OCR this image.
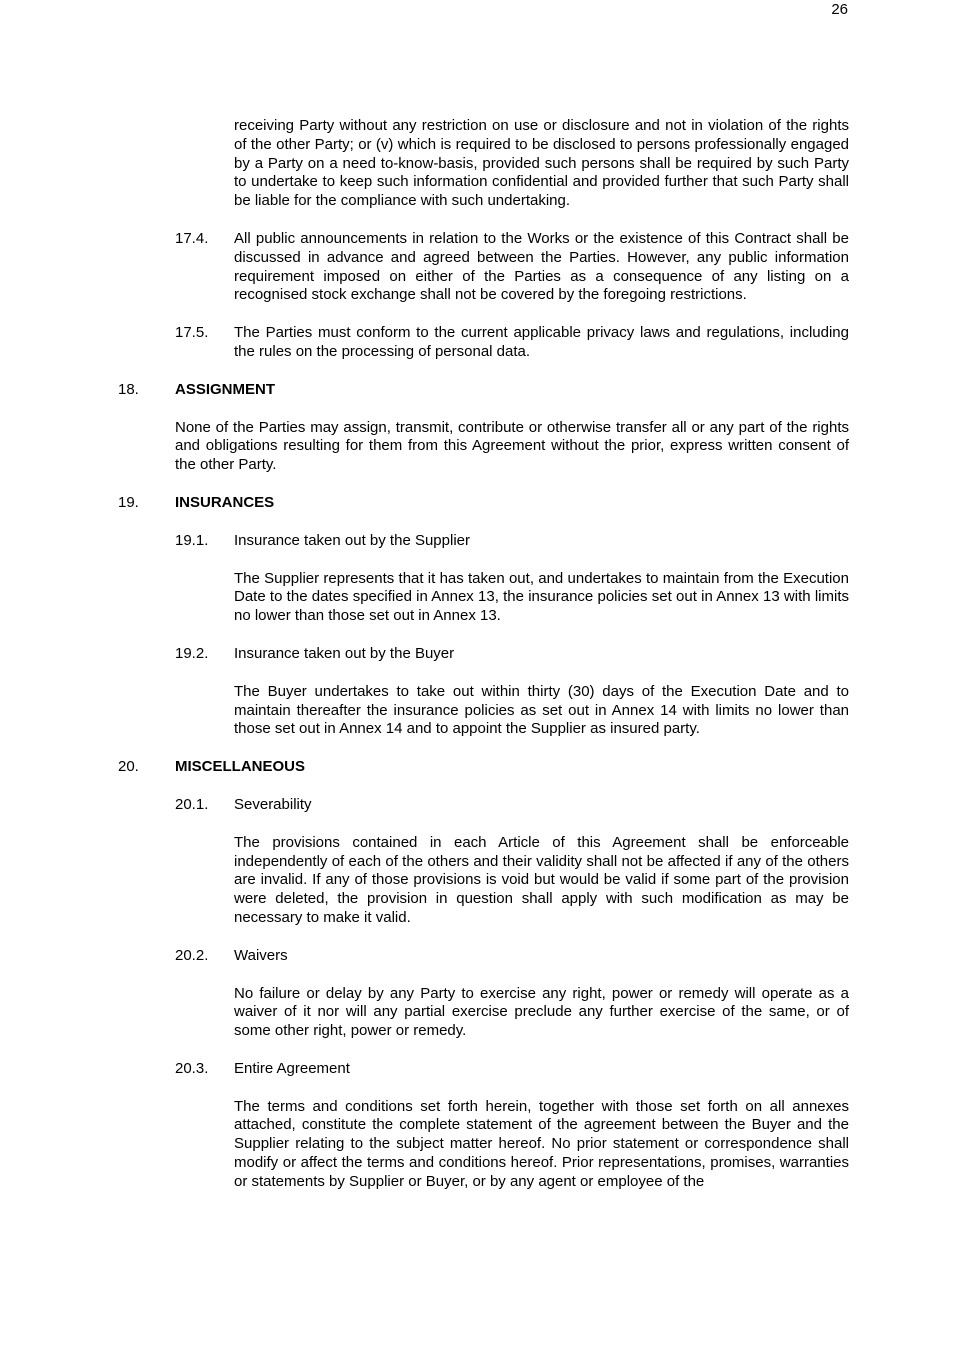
26

receiving Party without any restriction on use or disclosure and not in violation of the rights of the other Party; or (v) which is required to be disclosed to persons professionally engaged by a Party on a need to-know-basis, provided such persons shall be required by such Party to undertake to keep such information confidential and provided further that such Party shall be liable for the compliance with such undertaking.

17.4.	All public announcements in relation to the Works or the existence of this Contract shall be discussed in advance and agreed between the Parties. However, any public information requirement imposed on either of the Parties as a consequence of any listing on a recognised stock exchange shall not be covered by the foregoing restrictions.

17.5.	The Parties must conform to the current applicable privacy laws and regulations, including the rules on the processing of personal data.

18.	ASSIGNMENT

None of the Parties may assign, transmit, contribute or otherwise transfer all or any part of the rights and obligations resulting for them from this Agreement without the prior, express written consent of the other Party.

19.	INSURANCES
19.1.	Insurance taken out by the Supplier

The Supplier represents that it has taken out, and undertakes to maintain from the Execution Date to the dates specified in Annex 13, the insurance policies set out in Annex 13 with limits no lower than those set out in Annex 13.

19.2.	Insurance taken out by the Buyer

The Buyer undertakes to take out within thirty (30) days of the Execution Date and to maintain thereafter the insurance policies as set out in Annex 14 with limits no lower than those set out in Annex 14 and to appoint the Supplier as insured party.

20.	MISCELLANEOUS
20.1.	Severability

The provisions contained in each Article of this Agreement shall be enforceable independently of each of the others and their validity shall not be affected if any of the others are invalid. If any of those provisions is void but would be valid if some part of the provision were deleted, the provision in question shall apply with such modification as may be necessary to make it valid.

20.2.	Waivers

No failure or delay by any Party to exercise any right, power or remedy will operate as a waiver of it nor will any partial exercise preclude any further exercise of the same, or of some other right, power or remedy.

20.3.	Entire Agreement

The terms and conditions set forth herein, together with those set forth on all annexes attached, constitute the complete statement of the agreement between the Buyer and the Supplier relating to the subject matter hereof. No prior statement or correspondence shall modify or affect the terms and conditions hereof. Prior representations, promises, warranties or statements by Supplier or Buyer, or by any agent or employee of the
